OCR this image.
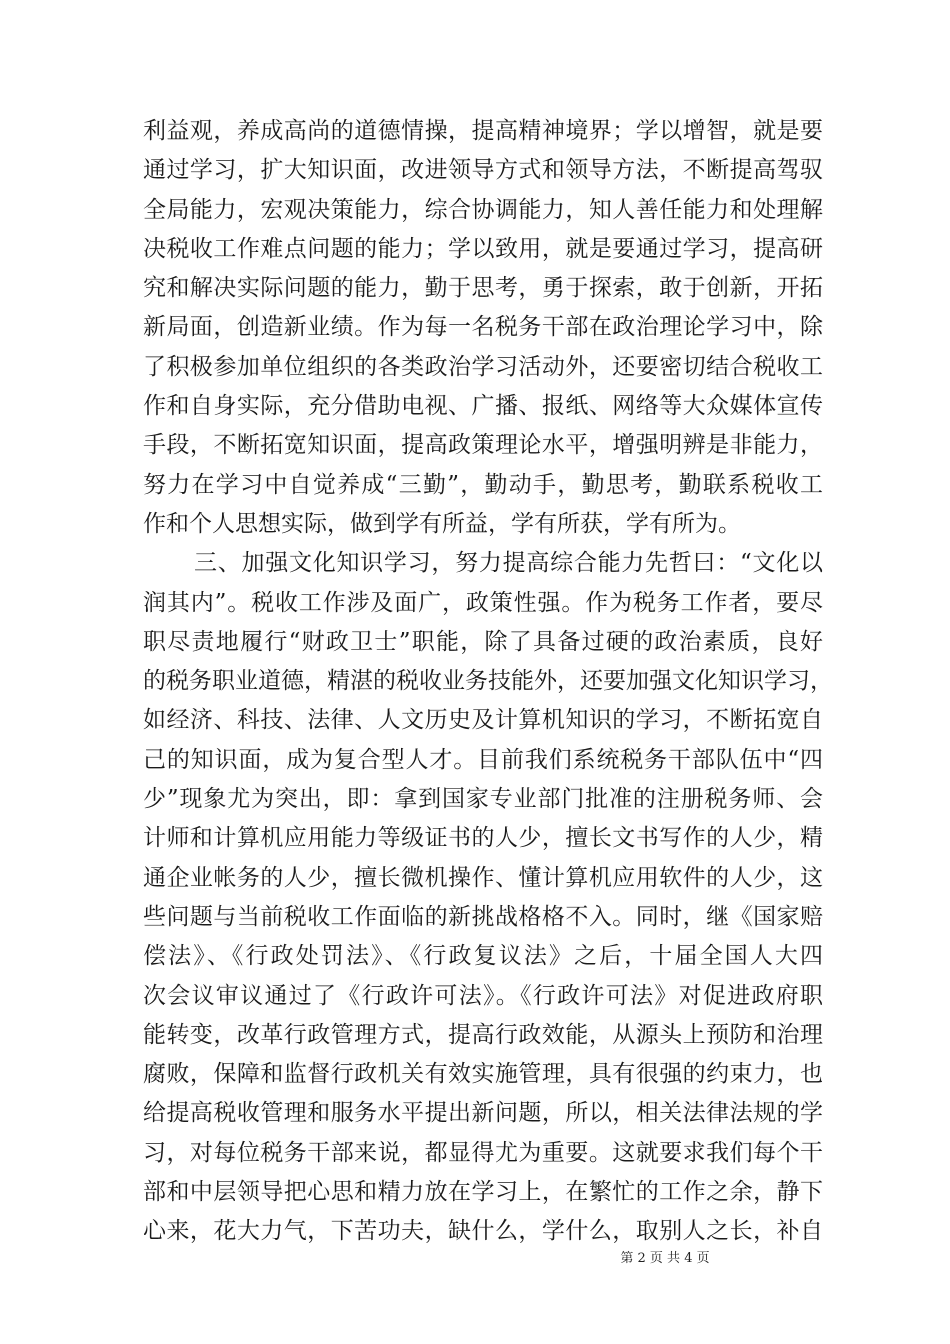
利益观，养成高尚的道德情操，提高精神境界；学以增智，就是要
通过学习，扩大知识面，改进领导方式和领导方法，不断提高驾驭
全局能力，宏观决策能力，综合协调能力，知人善任能力和处理解
决税收工作难点问题的能力；学以致用，就是要通过学习，提高研
究和解决实际问题的能力，勤于思考，勇于探索，敢于创新，开拓
新局面，创造新业绩。作为每一名税务干部在政治理论学习中，除
了积极参加单位组织的各类政治学习活动外，还要密切结合税收工
作和自身实际，充分借助电视、广播、报纸、网络等大众媒体宣传
手段，不断拓宽知识面，提高政策理论水平，增强明辨是非能力，
努力在学习中自觉养成“三勤”，勤动手，勤思考，勤联系税收工
作和个人思想实际，做到学有所益，学有所获，学有所为。
三、加强文化知识学习，努力提高综合能力先哲曰：“文化以
润其内”。税收工作涉及面广，政策性强。作为税务工作者，要尽
职尽责地履行“财政卫士”职能，除了具备过硬的政治素质，良好
的税务职业道德，精湛的税收业务技能外，还要加强文化知识学习，
如经济、科技、法律、人文历史及计算机知识的学习，不断拓宽自
己的知识面，成为复合型人才。目前我们系统税务干部队伍中“四
少”现象尤为突出，即：拿到国家专业部门批准的注册税务师、会
计师和计算机应用能力等级证书的人少，擅长文书写作的人少，精
通企业帐务的人少，擅长微机操作、懂计算机应用软件的人少，这
些问题与当前税收工作面临的新挑战格格不入。同时，继《国家赔
偿法》、《行政处罚法》、《行政复议法》之后，十届全国人大四
次会议审议通过了《行政许可法》。《行政许可法》对促进政府职
能转变，改革行政管理方式，提高行政效能，从源头上预防和治理
腐败，保障和监督行政机关有效实施管理，具有很强的约束力，也
给提高税收管理和服务水平提出新问题，所以，相关法律法规的学
习，对每位税务干部来说，都显得尤为重要。这就要求我们每个干
部和中层领导把心思和精力放在学习上，在繁忙的工作之余，静下
心来，花大力气，下苦功夫，缺什么，学什么，取别人之长，补自
第 2 页 共 4 页
